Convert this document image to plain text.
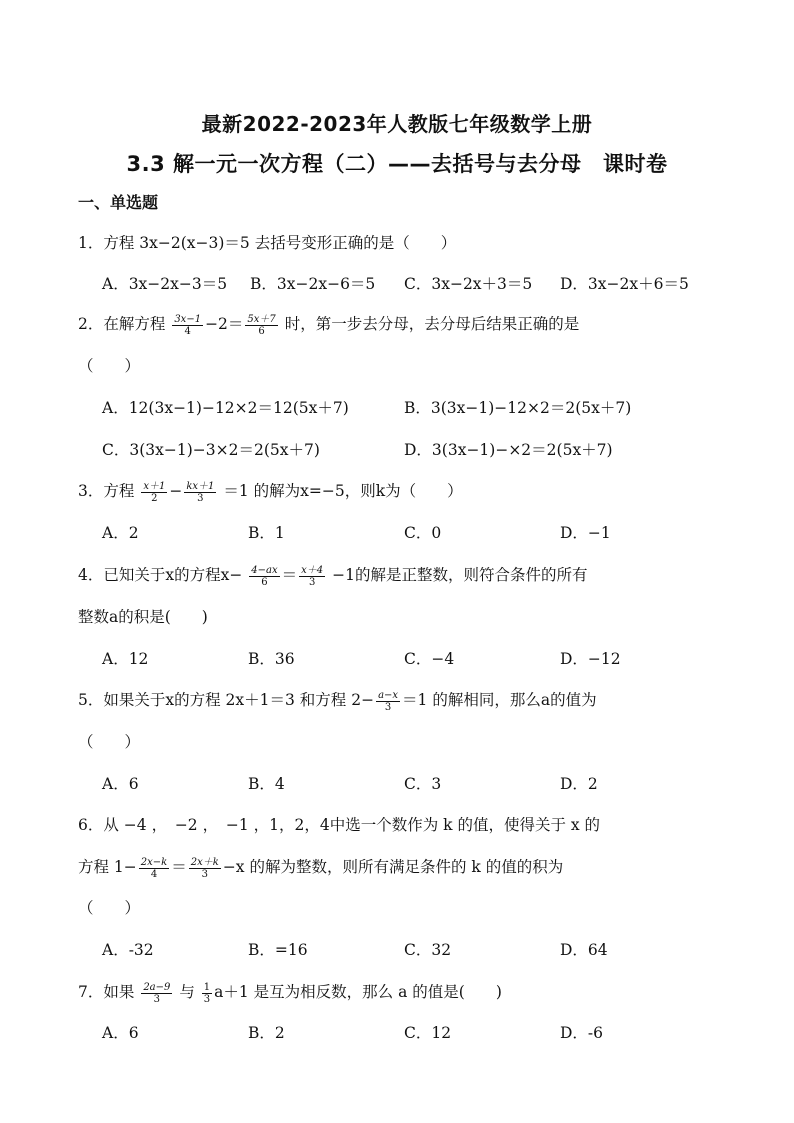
最新2022-2023年人教版七年级数学上册
3.3 解一元一次方程（二）——去括号与去分母　课时卷
一、单选题
1．方程 3x−2(x−3)＝5 去括号变形正确的是（　　）
A．3x−2x−3＝5 B．3x−2x−6＝5 C．3x−2x＋3＝5 D．3x−2x＋6＝5
2．在解方程 $\frac{3x-1}{4} -2= \frac{5x+7}{6}$ 时，第一步去分母，去分母后结果正确的是
（　　）
A．12(3x−1)−12×2＝12(5x＋7)	B．3(3x−1)−12×2＝2(5x＋7)
C．3(3x−1)−3×2＝2(5x＋7)	D．3(3x−1)−×2＝2(5x＋7)
3．方程 $\frac{x+1}{2} - \frac{kx+1}{3} =1$ 的解为x=−5，则k为（　　）
A．2	B．1	C．0	D．−1
4．已知关于x的方程$x- \frac{4-ax}{6} = \frac{x+4}{3} -1$的解是正整数，则符合条件的所有
整数a的积是(　　)
A．12	B．36	C．−4	D．−12
5．如果关于x的方程 2x＋1＝3 和方程 $2- \frac{a-x}{3} =1$ 的解相同，那么a的值为
（　　）
A．6	B．4	C．3	D．2
6．从 −4 ，　−2 ，　−1 ，1，2，4中选一个数作为 k 的值，使得关于 x 的
方程 $1- \frac{2x-k}{4} = \frac{2x+k}{3} -x$ 的解为整数，则所有满足条件的 k 的值的积为
（　　）
A．-32	B．=16	C．32	D．64
7．如果 $\frac{2a-9}{3}$ 与 $\frac{1}{3} a+1$ 是互为相反数，那么 a 的值是(　　)
A．6	B．2	C．12	D．-6
